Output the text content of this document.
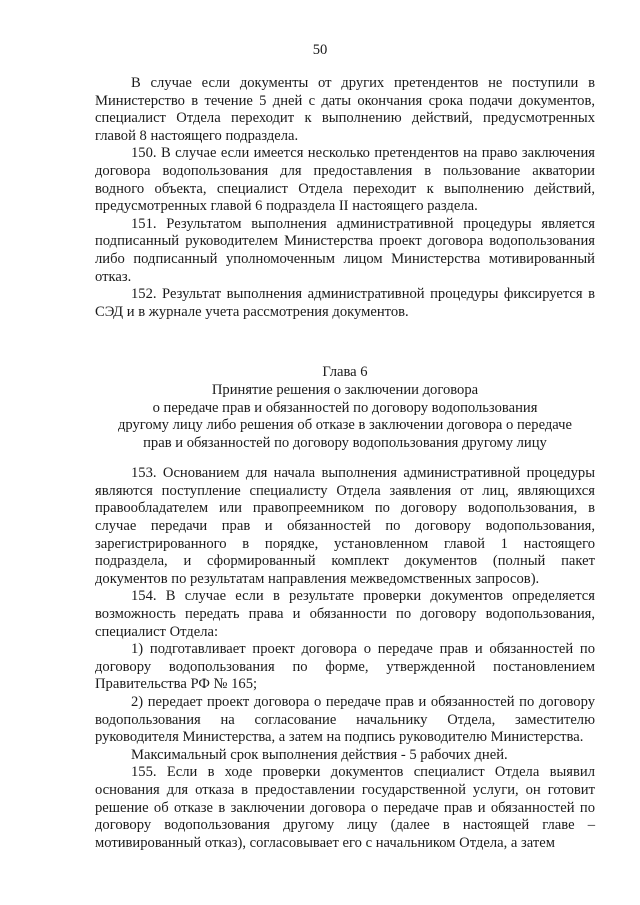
50

В случае если документы от других претендентов не поступили в Министерство в течение 5 дней с даты окончания срока подачи документов, специалист Отдела переходит к выполнению действий, предусмотренных главой 8 настоящего подраздела.

150. В случае если имеется несколько претендентов на право заключения договора водопользования для предоставления в пользование акватории водного объекта, специалист Отдела переходит к выполнению действий, предусмотренных главой 6 подраздела II настоящего раздела.

151. Результатом выполнения административной процедуры является подписанный руководителем Министерства проект договора водопользования либо подписанный уполномоченным лицом Министерства мотивированный отказ.

152. Результат выполнения административной процедуры фиксируется в СЭД и в журнале учета рассмотрения документов.

Глава 6
Принятие решения о заключении договора
о передаче прав и обязанностей по договору водопользования
другому лицу либо решения об отказе в заключении договора о передаче
прав и обязанностей по договору водопользования другому лицу

153. Основанием для начала выполнения административной процедуры являются поступление специалисту Отдела заявления от лиц, являющихся правообладателем или правопреемником по договору водопользования, в случае передачи прав и обязанностей по договору водопользования, зарегистрированного в порядке, установленном главой 1 настоящего подраздела, и сформированный комплект документов (полный пакет документов по результатам направления межведомственных запросов).

154. В случае если в результате проверки документов определяется возможность передать права и обязанности по договору водопользования, специалист Отдела:

1) подготавливает проект договора о передаче прав и обязанностей по договору водопользования по форме, утвержденной постановлением Правительства РФ № 165;

2) передает проект договора о передаче прав и обязанностей по договору водопользования на согласование начальнику Отдела, заместителю руководителя Министерства, а затем на подпись руководителю Министерства.

Максимальный срок выполнения действия - 5 рабочих дней.

155. Если в ходе проверки документов специалист Отдела выявил основания для отказа в предоставлении государственной услуги, он готовит решение об отказе в заключении договора о передаче прав и обязанностей по договору водопользования другому лицу (далее в настоящей главе – мотивированный отказ), согласовывает его с начальником Отдела, а затем
